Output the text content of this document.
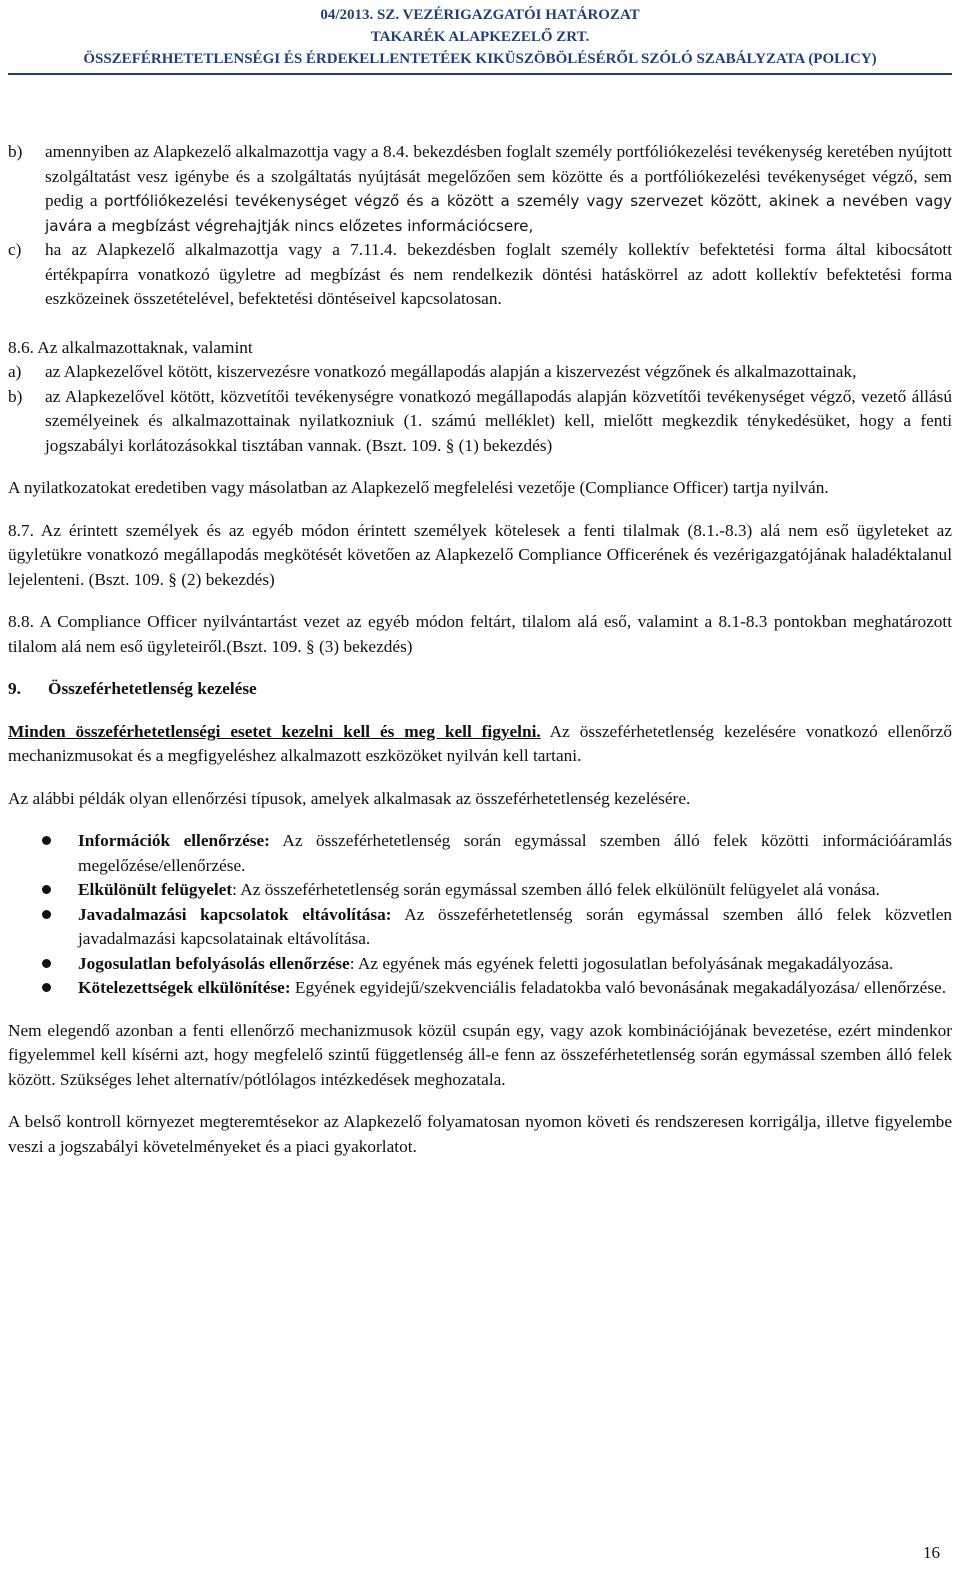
04/2013. SZ. VEZÉRIGAZGATÓI HATÁROZAT
TAKARÉK ALAPKEZELŐ ZRT.
ÖSSZEFÉRHETETLENSÉGI ÉS ÉRDEKELLENTETÉEK KIKÜSZÖBÖLÉSÉRŐL SZÓLÓ SZABÁLYZATA (POLICY)
b)	amennyiben az Alapkezelő alkalmazottja vagy a 8.4. bekezdésben foglalt személy portfóliókezelési tevékenység keretében nyújtott szolgáltatást vesz igénybe és a szolgáltatás nyújtását megelőzően sem közötte és a portfóliókezelési tevékenységet végző, sem pedig a portfóliókezelési tevékenységet végző és a között a személy vagy szervezet között, akinek a nevében vagy javára a megbízást végrehajtják nincs előzetes információcsere,
c)	ha az Alapkezelő alkalmazottja vagy a 7.11.4. bekezdésben foglalt személy kollektív befektetési forma által kibocsátott értékpapírra vonatkozó ügyletre ad megbízást és nem rendelkezik döntési hatáskörrel az adott kollektív befektetési forma eszközeinek összetételével, befektetési döntéseivel kapcsolatosan.

8.6. Az alkalmazottaknak, valamint

a)	az Alapkezelővel kötött, kiszervezésre vonatkozó megállapodás alapján a kiszervezést végzőnek és alkalmazottainak,
b)	az Alapkezelővel kötött, közvetítői tevékenységre vonatkozó megállapodás alapján közvetítői tevékenységet végző, vezető állású személyeinek és alkalmazottainak nyilatkozniuk (1. számú melléklet) kell, mielőtt megkezdik ténykedésüket, hogy a fenti jogszabályi korlátozásokkal tisztában vannak. (Bszt. 109. § (1) bekezdés)

A nyilatkozatokat eredetiben vagy másolatban az Alapkezelő megfelelési vezetője (Compliance Officer) tartja nyilván.

8.7. Az érintett személyek és az egyéb módon érintett személyek kötelesek a fenti tilalmak (8.1.-8.3) alá nem eső ügyleteket az ügyletükre vonatkozó megállapodás megkötését követően az Alapkezelő Compliance Officerének és vezérigazgatójának haladéktalanul lejelenteni. (Bszt. 109. § (2) bekezdés)

8.8. A Compliance Officer nyilvántartást vezet az egyéb módon feltárt, tilalom alá eső, valamint a 8.1-8.3 pontokban meghatározott tilalom alá nem eső ügyleteiről.(Bszt. 109. § (3) bekezdés)

9. Összeférhetetlenség kezelése

Minden összeférhetetlenségi esetet kezelni kell és meg kell figyelni. Az összeférhetetlenség kezelésére vonatkozó ellenőrző mechanizmusokat és a megfigyeléshez alkalmazott eszközöket nyilván kell tartani.

Az alábbi példák olyan ellenőrzési típusok, amelyek alkalmasak az összeférhetetlenség kezelésére.

Információk ellenőrzése: Az összeférhetetlenség során egymással szemben álló felek közötti információáramlás megelőzése/ellenőrzése.
Elkülönült felügyelet: Az összeférhetetlenség során egymással szemben álló felek elkülönült felügyelet alá vonása.
Javadalmazási kapcsolatok eltávolítása: Az összeférhetetlenség során egymással szemben álló felek közvetlen javadalmazási kapcsolatainak eltávolítása.
Jogosulatlan befolyásolás ellenőrzése: Az egyének más egyének feletti jogosulatlan befolyásának megakadályozása.
Kötelezettségek elkülönítése: Egyének egyidejű/szekvenciális feladatokba való bevonásának megakadályozása/ ellenőrzése.

Nem elegendő azonban a fenti ellenőrző mechanizmusok közül csupán egy, vagy azok kombinációjának bevezetése, ezért mindenkor figyelemmel kell kísérni azt, hogy megfelelő szintű függetlenség áll-e fenn az összeférhetetlenség során egymással szemben álló felek között. Szükséges lehet alternatív/pótlólagos intézkedések meghozatala.

A belső kontroll környezet megteremtésekor az Alapkezelő folyamatosan nyomon követi és rendszeresen korrigálja, illetve figyelembe veszi a jogszabályi követelményeket és a piaci gyakorlatot.

16
